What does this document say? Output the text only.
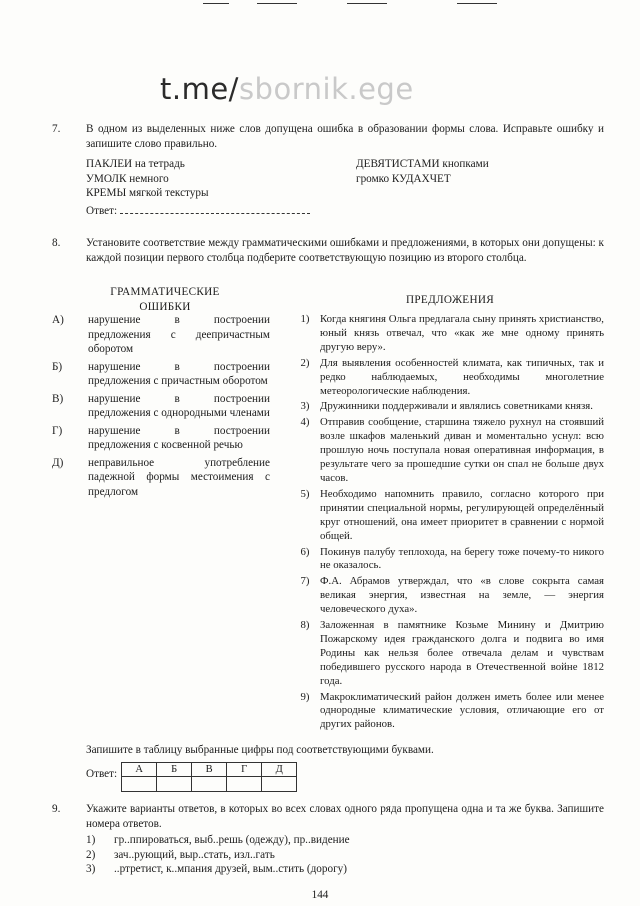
t.me/sbornik.ege
7.	В одном из выделенных ниже слов допущена ошибка в образовании формы слова. Исправьте ошибку и запишите слово правильно.
ПАКЛЕИ на тетрадь	ДЕВЯТИСТАМИ кнопками
УМОЛК немного	громко КУДАХЧЕТ
КРЕМЫ мягкой текстуры
Ответ:
8.	Установите соответствие между грамматическими ошибками и предложениями, в которых они допущены: к каждой позиции первого столбца подберите соответствующую позицию из второго столбца.
ГРАММАТИЧЕСКИЕ
ОШИБКИ
ПРЕДЛОЖЕНИЯ
А)	нарушение в построении предложения с деепричастным оборотом
Б)	нарушение в построении предложения с причастным оборотом
В)	нарушение в построении предложения с однородными членами
Г)	нарушение в построении предложения с косвенной речью
Д)	неправильное употребление падежной формы местоимения с предлогом
1) Когда княгиня Ольга предлагала сыну принять христианство, юный князь отвечал, что «как же мне одному принять другую веру».
2) Для выявления особенностей климата, как типичных, так и редко наблюдаемых, необходимы многолетние метеорологические наблюдения.
3) Дружинники поддерживали и являлись советниками князя.
4) Отправив сообщение, старшина тяжело рухнул на стоявший возле шкафов маленький диван и моментально уснул: всю прошлую ночь поступала новая оперативная информация, в результате чего за прошедшие сутки он спал не больше двух часов.
5) Необходимо напомнить правило, согласно которого при принятии специальной нормы, регулирующей определённый круг отношений, она имеет приоритет в сравнении с нормой общей.
6) Покинув палубу теплохода, на берегу тоже почему-то никого не оказалось.
7) Ф.А. Абрамов утверждал, что «в слове сокрыта самая великая энергия, известная на земле, — энергия человеческого духа».
8) Заложенная в памятнике Козьме Минину и Дмитрию Пожарскому идея гражданского долга и подвига во имя Родины как нельзя более отвечала делам и чувствам победившего русского народа в Отечественной войне 1812 года.
9) Макроклиматический район должен иметь более или менее однородные климатические условия, отличающие его от других районов.
Запишите в таблицу выбранные цифры под соответствующими буквами.
Ответ: А	Б	В	Г	Д

9.	Укажите варианты ответов, в которых во всех словах одного ряда пропущена одна и та же буква. Запишите номера ответов.
1)	гр..ппироваться, выб..решь (одежду), пр..видение
2)	зач..рующий, выр..стать, изл..гать
3)	..ртретист, к..мпания друзей, вым..стить (дорогу)
144
